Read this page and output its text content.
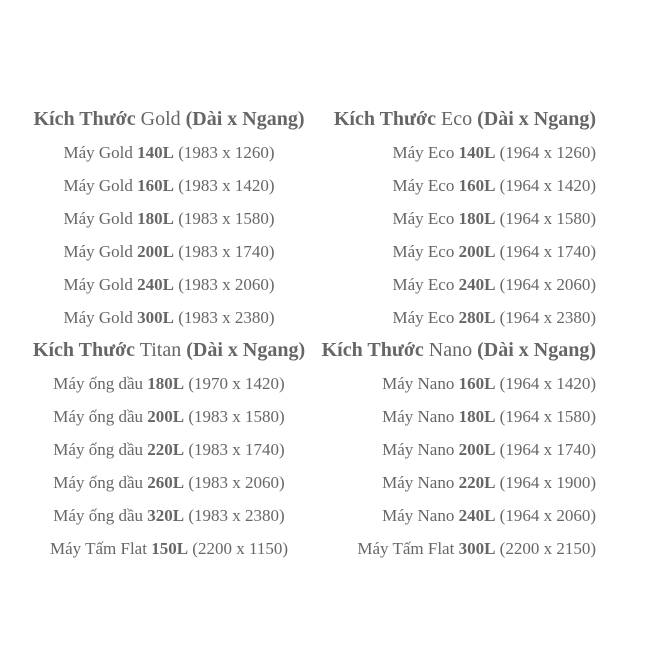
Kích Thước Gold (Dài x Ngang)
Máy Gold 140L (1983 x 1260)
Máy Gold 160L (1983 x 1420)
Máy Gold 180L (1983 x 1580)
Máy Gold 200L (1983 x 1740)
Máy Gold 240L (1983 x 2060)
Máy Gold 300L (1983 x 2380)
Kích Thước Eco (Dài x Ngang)
Máy Eco 140L (1964 x 1260)
Máy Eco 160L (1964 x 1420)
Máy Eco 180L (1964 x 1580)
Máy Eco 200L (1964 x 1740)
Máy Eco 240L (1964 x 2060)
Máy Eco 280L (1964 x 2380)
Kích Thước Titan (Dài x Ngang)
Máy ống dầu 180L (1970 x 1420)
Máy ống dầu 200L (1983 x 1580)
Máy ống dầu 220L (1983 x 1740)
Máy ống dầu 260L (1983 x 2060)
Máy ống dầu 320L (1983 x 2380)
Máy Tấm Flat 150L (2200 x 1150)
Kích Thước Nano (Dài x Ngang)
Máy Nano 160L (1964 x 1420)
Máy Nano 180L (1964 x 1580)
Máy Nano 200L (1964 x 1740)
Máy Nano 220L (1964 x 1900)
Máy Nano 240L (1964 x 2060)
Máy Tấm Flat 300L (2200 x 2150)
